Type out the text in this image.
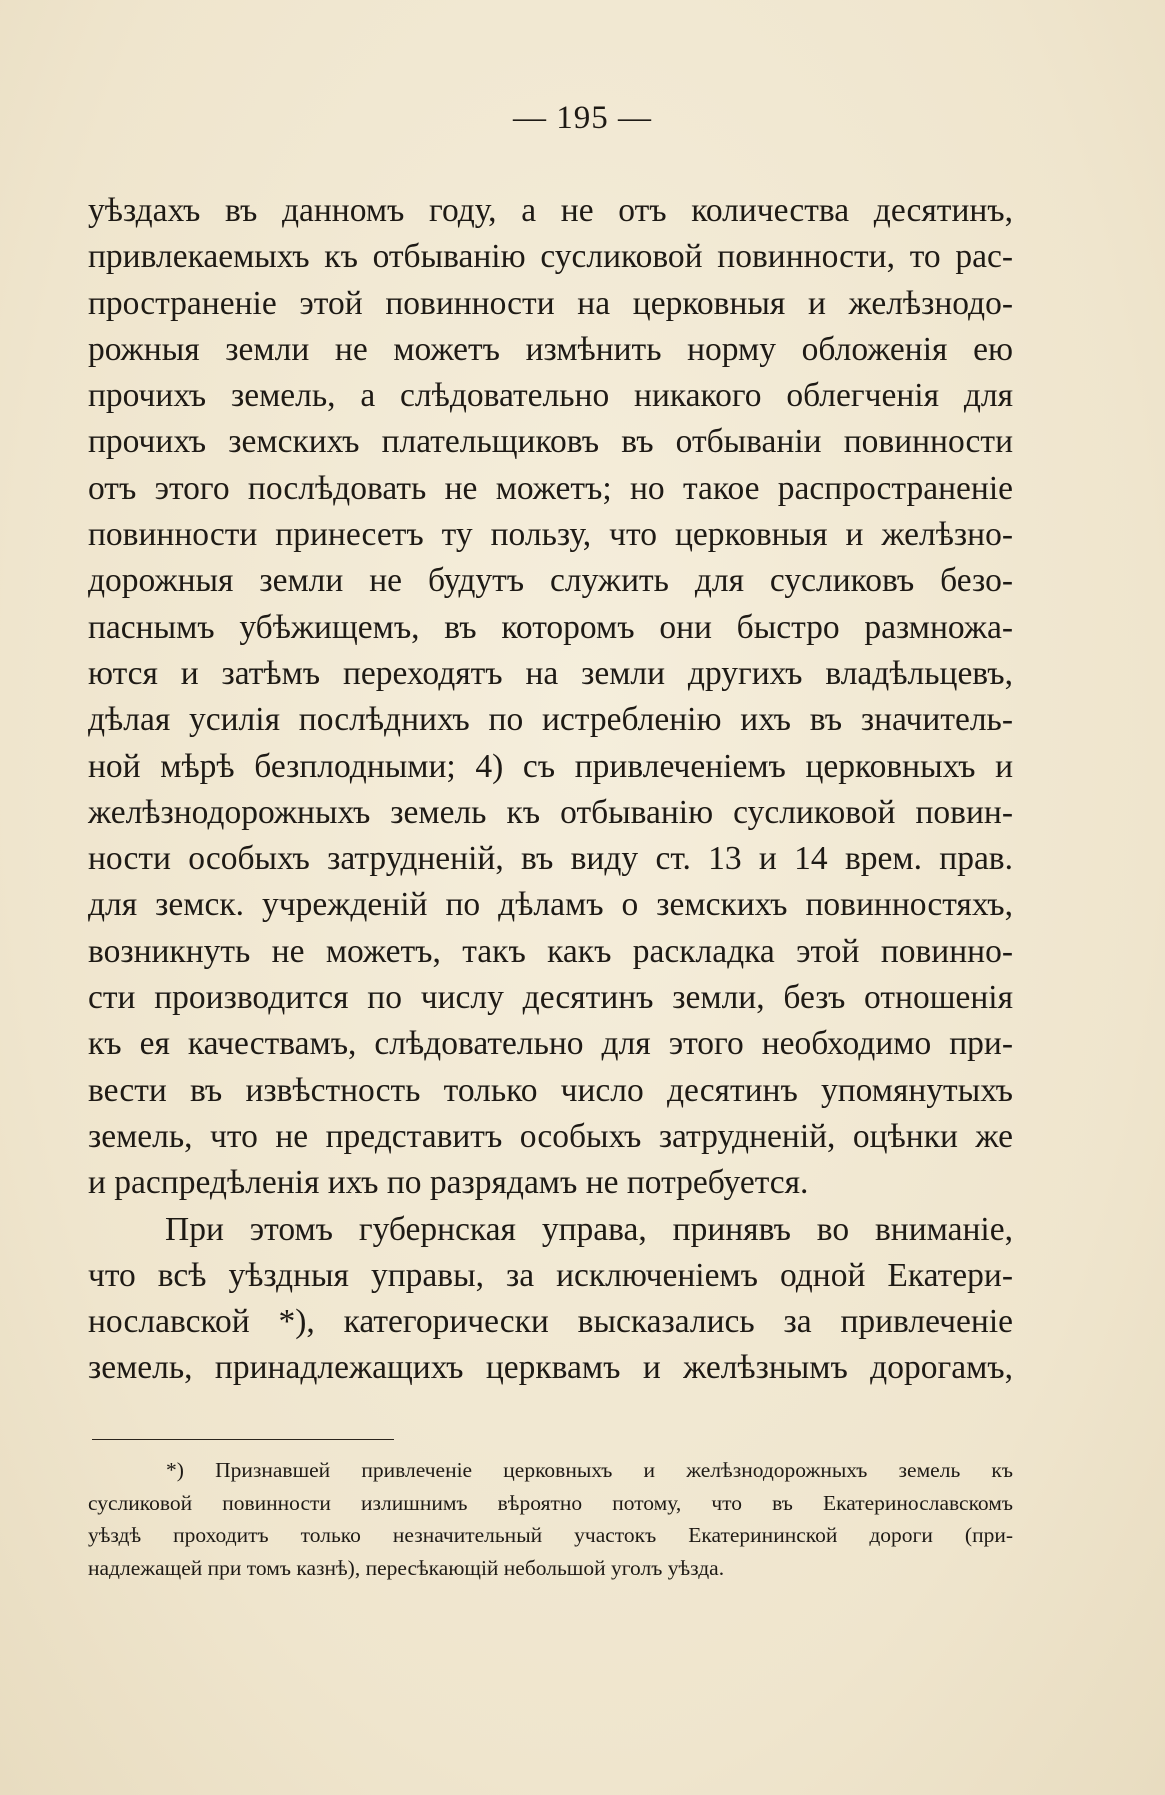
— 195 —
уѣздахъ въ данномъ году, а не отъ количества десятинъ,
привлекаемыхъ къ отбыванію сусликовой повинности, то рас-
пространеніе этой повинности на церковныя и желѣзнодо-
рожныя земли не можетъ измѣнить норму обложенія ею
прочихъ земель, а слѣдовательно никакого облегченія для
прочихъ земскихъ плательщиковъ въ отбываніи повинности
отъ этого послѣдовать не можетъ; но такое распространеніе
повинности принесетъ ту пользу, что церковныя и желѣзно-
дорожныя земли не будутъ служить для сусликовъ безо-
паснымъ убѣжищемъ, въ которомъ они быстро размножа-
ются и затѣмъ переходятъ на земли другихъ владѣльцевъ,
дѣлая усилія послѣднихъ по истребленію ихъ въ значитель-
ной мѣрѣ безплодными; 4) съ привлеченіемъ церковныхъ и
желѣзнодорожныхъ земель къ отбыванію сусликовой повин-
ности особыхъ затрудненій, въ виду ст. 13 и 14 врем. прав.
для земск. учрежденій по дѣламъ о земскихъ повинностяхъ,
возникнуть не можетъ, такъ какъ раскладка этой повинно-
сти производится по числу десятинъ земли, безъ отношенія
къ ея качествамъ, слѣдовательно для этого необходимо при-
вести въ извѣстность только число десятинъ упомянутыхъ
земель, что не представитъ особыхъ затрудненій, оцѣнки же
и распредѣленія ихъ по разрядамъ не потребуется.
При этомъ губернская управа, принявъ во вниманіе,
что всѣ уѣздныя управы, за исключеніемъ одной Екатери-
нославской *), категорически высказались за привлеченіе
земель, принадлежащихъ церквамъ и желѣзнымъ дорогамъ,
*) Признавшей привлеченіе церковныхъ и желѣзнодорожныхъ земель къ
сусликовой повинности излишнимъ вѣроятно потому, что въ Екатеринославскомъ
уѣздѣ проходитъ только незначительный участокъ Екатерининской дороги (при-
надлежащей при томъ казнѣ), пересѣкающій небольшой уголъ уѣзда.
